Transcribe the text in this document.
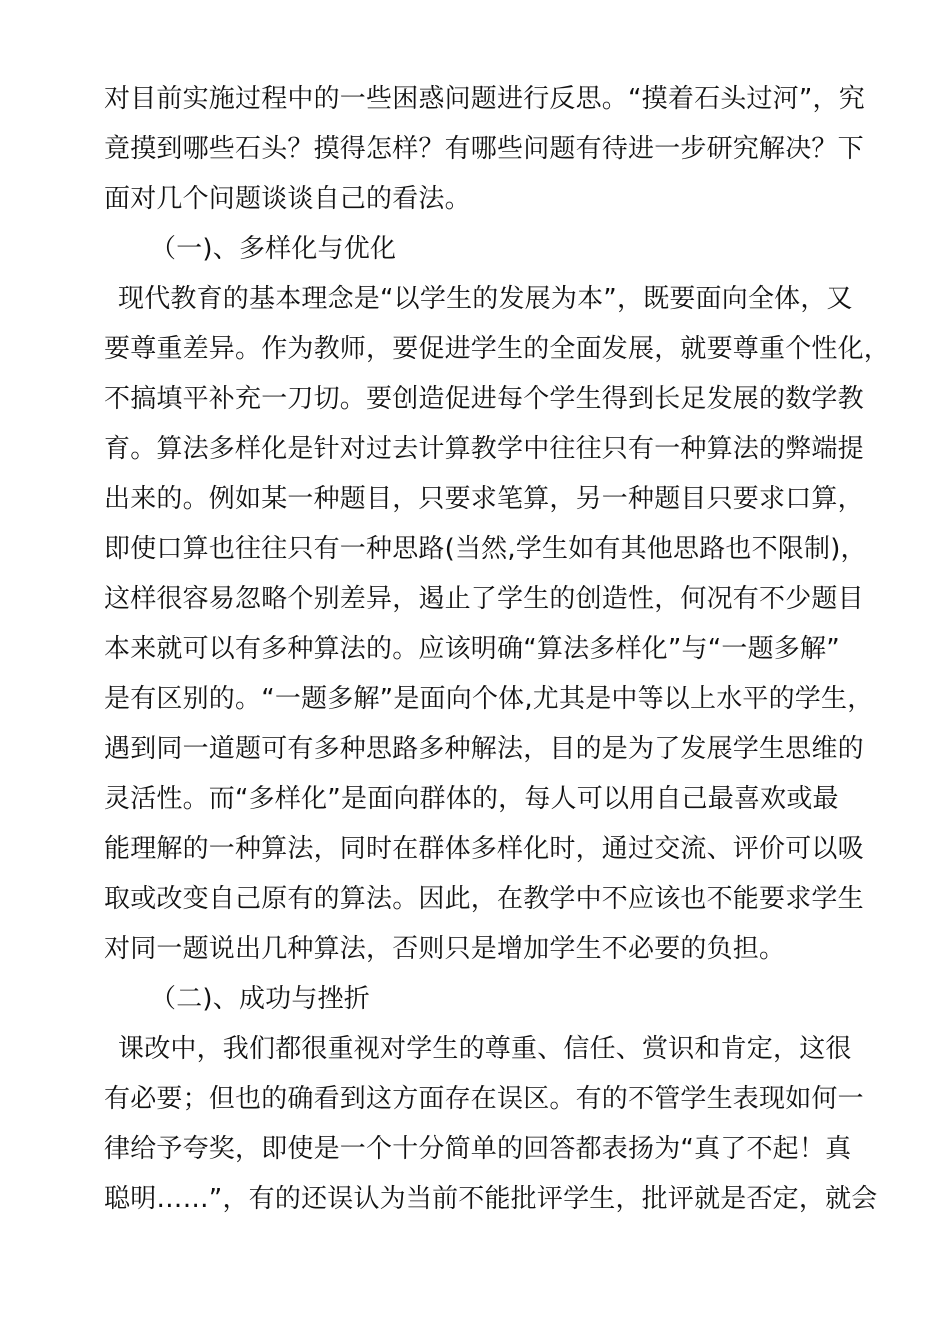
对目前实施过程中的一些困惑问题进行反思。“摸着石头过河”，究
竟摸到哪些石头？摸得怎样？有哪些问题有待进一步研究解决？下
面对几个问题谈谈自己的看法。
（一)、多样化与优化
现代教育的基本理念是“以学生的发展为本”，既要面向全体，又
要尊重差异。作为教师，要促进学生的全面发展，就要尊重个性化，
不搞填平补充一刀切。要创造促进每个学生得到长足发展的数学教
育。算法多样化是针对过去计算教学中往往只有一种算法的弊端提
出来的。例如某一种题目，只要求笔算，另一种题目只要求口算，
即使口算也往往只有一种思路(当然,学生如有其他思路也不限制)，
这样很容易忽略个别差异，遏止了学生的创造性，何况有不少题目
本来就可以有多种算法的。应该明确“算法多样化”与“一题多解”
是有区别的。“一题多解”是面向个体,尤其是中等以上水平的学生，
遇到同一道题可有多种思路多种解法，目的是为了发展学生思维的
灵活性。而“多样化”是面向群体的，每人可以用自己最喜欢或最
能理解的一种算法，同时在群体多样化时，通过交流、评价可以吸
取或改变自己原有的算法。因此，在教学中不应该也不能要求学生
对同一题说出几种算法，否则只是增加学生不必要的负担。
（二)、成功与挫折
课改中，我们都很重视对学生的尊重、信任、赏识和肯定，这很
有必要；但也的确看到这方面存在误区。有的不管学生表现如何一
律给予夸奖，即使是一个十分简单的回答都表扬为“真了不起！真
聪明……”，有的还误认为当前不能批评学生，批评就是否定，就会
